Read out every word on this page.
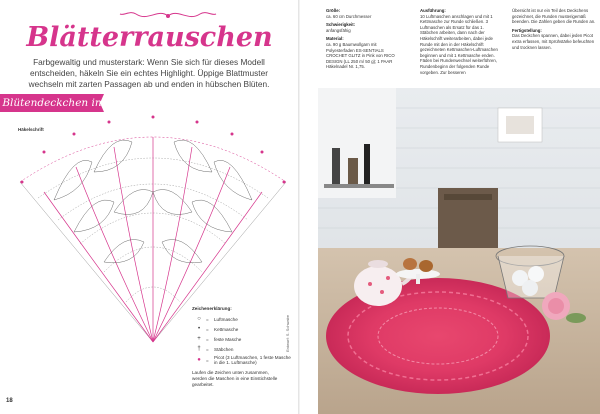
Blätterrauschen

Farbgewaltig und musterstark: Wenn Sie sich für dieses Modell entscheiden, häkeln Sie ein echtes Highlight. Üppige Blattmuster wechseln mit zarten Passagen ab und enden in hübschen Blüten.

Blütendeckchen in Pink
Häkelschrift
Zeichenerklärung:
○	=	Luftmasche
•	=	Kettmasche
+	=	feste Masche
†	=	Stäbchen
●	=	Picot (3 Luftmaschen, 1 feste Masche in die 1. Luftmasche)
Laufen die Zeichen unten zusammen, werden die Maschen in eine Einstichstelle gearbeitet.
Entwurf: S. Schwabe
18

Größe:
ca. 60 cm Durchmesser

Schwierigkeit:
anfangsfähig

Material:
ca. 90 g Baumwollgarn mit Polyesterfaden ES-SENTIALS CROCHET GLITZ in Pink von RICO DESIGN (LL 250 m/ 50 g); 1 PAAR Häkelnadel Nr. 1,75.

Ausführung:
10 Luftmaschen anschlagen und mit 1 Kettmasche zur Runde schließen. 3 Luftmaschen als Ersatz für das 1. Stäbchen arbeiten, dann nach der Häkelschrift weiterarbeiten, dabei jede Runde mit den in der Häkelschrift gezeichneten Kettmaschen-Luftmaschen beginnen und mit 1 Kettmasche enden. Fäden bei Rundenwechsel weiterführen, Rundenbeginn der folgenden Runde vorgeben. Zur besseren

Übersicht ist nur ein Teil des Deckchens gezeichnet, die Runden musterigemäß beenden. Die Zahlen geben die Runden an.

Fertigstellung:
Das Deckchen spannen, dabei jeden Picot extra erfassen, mit Sprühstärke befeuchten und trocknen lassen.
